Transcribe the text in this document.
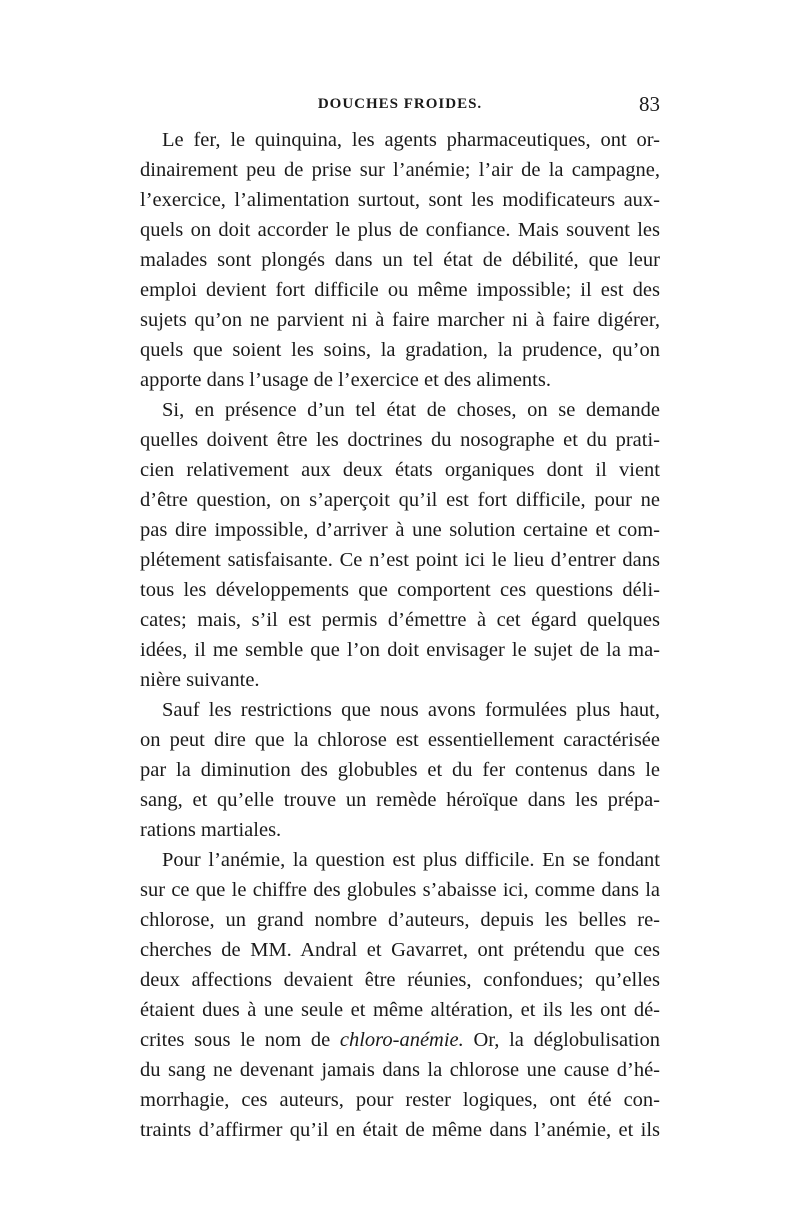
DOUCHES FROIDES.	83
Le fer, le quinquina, les agents pharmaceutiques, ont or-
dinairement peu de prise sur l’anémie; l’air de la campagne,
l’exercice, l’alimentation surtout, sont les modificateurs aux-
quels on doit accorder le plus de confiance. Mais souvent les
malades sont plongés dans un tel état de débilité, que leur
emploi devient fort difficile ou même impossible; il est des
sujets qu’on ne parvient ni à faire marcher ni à faire digérer,
quels que soient les soins, la gradation, la prudence, qu’on
apporte dans l’usage de l’exercice et des aliments.
Si, en présence d’un tel état de choses, on se demande
quelles doivent être les doctrines du nosographe et du prati-
cien relativement aux deux états organiques dont il vient
d’être question, on s’aperçoit qu’il est fort difficile, pour ne
pas dire impossible, d’arriver à une solution certaine et com-
plétement satisfaisante. Ce n’est point ici le lieu d’entrer dans
tous les développements que comportent ces questions déli-
cates; mais, s’il est permis d’émettre à cet égard quelques
idées, il me semble que l’on doit envisager le sujet de la ma-
nière suivante.
Sauf les restrictions que nous avons formulées plus haut,
on peut dire que la chlorose est essentiellement caractérisée
par la diminution des globubles et du fer contenus dans le
sang, et qu’elle trouve un remède héroïque dans les prépa-
rations martiales.
Pour l’anémie, la question est plus difficile. En se fondant
sur ce que le chiffre des globules s’abaisse ici, comme dans la
chlorose, un grand nombre d’auteurs, depuis les belles re-
cherches de MM. Andral et Gavarret, ont prétendu que ces
deux affections devaient être réunies, confondues; qu’elles
étaient dues à une seule et même altération, et ils les ont dé-
crites sous le nom de chloro-anémie. Or, la déglobulisation
du sang ne devenant jamais dans la chlorose une cause d’hé-
morrhagie, ces auteurs, pour rester logiques, ont été con-
traints d’affirmer qu’il en était de même dans l’anémie, et ils
